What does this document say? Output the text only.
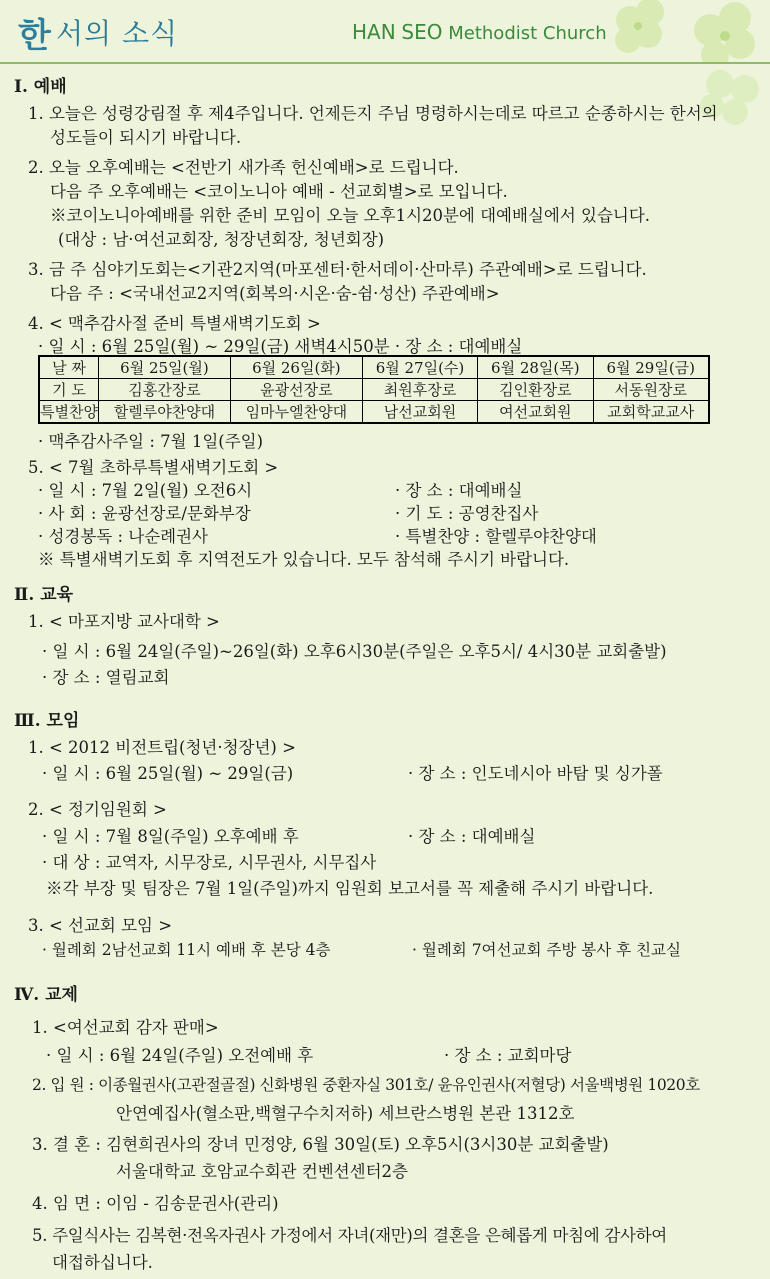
한 서의 소식	HAN SEO Methodist Church
Ⅰ. 예배
1. 오늘은 성령강림절 후 제4주입니다. 언제든지 주님 명령하시는데로 따르고 순종하시는 한서의
성도들이 되시기 바랍니다.
2. 오늘 오후예배는 <전반기 새가족 헌신예배>로 드립니다.
다음 주 오후예배는 <코이노니아 예배 - 선교회별>로 모입니다.
※코이노니아예배를 위한 준비 모임이 오늘 오후1시20분에 대예배실에서 있습니다.
(대상 : 남·여선교회장, 청장년회장, 청년회장)
3. 금 주 심야기도회는<기관2지역(마포센터·한서데이·산마루) 주관예배>로 드립니다.
다음 주 : <국내선교2지역(회복의·시온·숨-쉼·성산) 주관예배>
4. < 맥추감사절 준비 특별새벽기도회 >
· 일 시 : 6월 25일(월) ~ 29일(금) 새벽4시50분 · 장 소 : 대예배실
날 짜	6월 25일(월)	6월 26일(화)	6월 27일(수)	6월 28일(목)	6월 29일(금)
기 도	김홍간장로	윤광선장로	최원후장로	김인환장로	서동원장로
특별찬양	할렐루야찬양대	임마누엘찬양대	남선교회원	여선교회원	교회학교교사
· 맥추감사주일 : 7월 1일(주일)
5. < 7월 초하루특별새벽기도회 >
· 일 시 : 7월 2일(월) 오전6시	· 장 소 : 대예배실
· 사 회 : 윤광선장로/문화부장	· 기 도 : 공영찬집사
· 성경봉독 : 나순례권사	· 특별찬양 : 할렐루야찬양대
※ 특별새벽기도회 후 지역전도가 있습니다. 모두 참석해 주시기 바랍니다.
Ⅱ. 교육
1. < 마포지방 교사대학 >
· 일 시 : 6월 24일(주일)~26일(화) 오후6시30분(주일은 오후5시/ 4시30분 교회출발)
· 장 소 : 열림교회
Ⅲ. 모임
1. < 2012 비전트립(청년·청장년) >
· 일 시 : 6월 25일(월) ~ 29일(금)	· 장 소 : 인도네시아 바탐 및 싱가폴
2. < 정기임원회 >
· 일 시 : 7월 8일(주일) 오후예배 후	· 장 소 : 대예배실
· 대 상 : 교역자, 시무장로, 시무권사, 시무집사
※각 부장 및 팀장은 7월 1일(주일)까지 임원회 보고서를 꼭 제출해 주시기 바랍니다.
3. < 선교회 모임 >
· 월례회 2남선교회 11시 예배 후 본당 4층	· 월례회 7여선교회 주방 봉사 후 친교실
Ⅳ. 교제
1. <여선교회 감자 판매>
· 일 시 : 6월 24일(주일) 오전예배 후	· 장 소 : 교회마당
2. 입 원 : 이종월권사(고관절골절) 신화병원 중환자실 301호/ 윤유인권사(저혈당) 서울백병원 1020호
안연예집사(혈소판,백혈구수치저하) 세브란스병원 본관 1312호
3. 결 혼 : 김현희권사의 장녀 민정양, 6월 30일(토) 오후5시(3시30분 교회출발)
서울대학교 호암교수회관 컨벤션센터2층
4. 임 면 : 이임 - 김송문권사(관리)
5. 주일식사는 김복현·전옥자권사 가정에서 자녀(재만)의 결혼을 은혜롭게 마침에 감사하여
대접하십니다.
